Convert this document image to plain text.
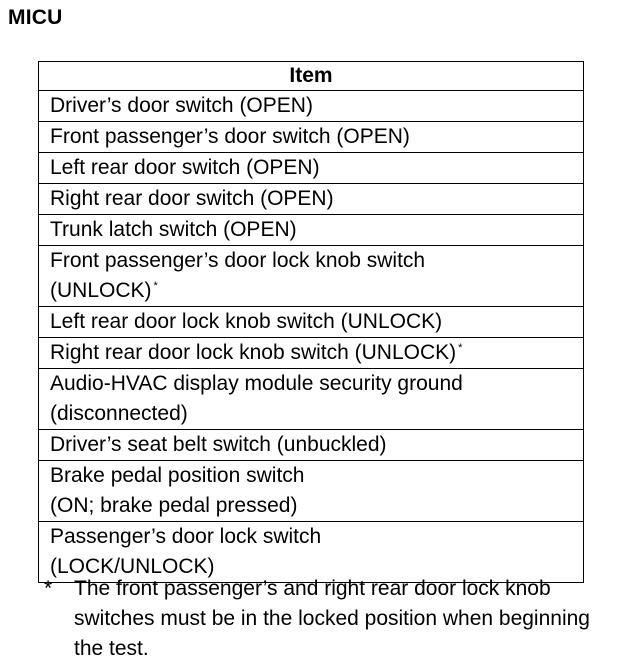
MICU
Item
Driver’s door switch (OPEN)
Front passenger’s door switch (OPEN)
Left rear door switch (OPEN)
Right rear door switch (OPEN)
Trunk latch switch (OPEN)
Front passenger’s door lock knob switch
(UNLOCK) *
Left rear door lock knob switch (UNLOCK)
Right rear door lock knob switch (UNLOCK) *
Audio-HVAC display module security ground
(disconnected)
Driver’s seat belt switch (unbuckled)
Brake pedal position switch
(ON; brake pedal pressed)
Passenger’s door lock switch
(LOCK/UNLOCK)
* The front passenger’s and right rear door lock knob switches must be in the locked position when beginning the test.
